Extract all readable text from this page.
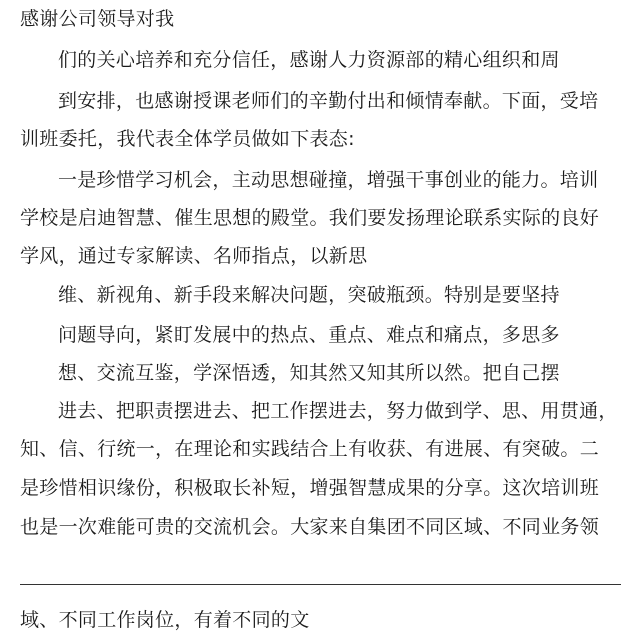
感谢公司领导对我
们的关心培养和充分信任，感谢人力资源部的精心组织和周
到安排，也感谢授课老师们的辛勤付出和倾情奉献。下面，受培
训班委托，我代表全体学员做如下表态:
一是珍惜学习机会，主动思想碰撞，增强干事创业的能力。培训
学校是启迪智慧、催生思想的殿堂。我们要发扬理论联系实际的良好
学风，通过专家解读、名师指点，以新思
维、新视角、新手段来解决问题，突破瓶颈。特别是要坚持
问题导向，紧盯发展中的热点、重点、难点和痛点，多思多
想、交流互鉴，学深悟透，知其然又知其所以然。把自己摆
进去、把职责摆进去、把工作摆进去，努力做到学、思、用贯通，
知、信、行统一，在理论和实践结合上有收获、有进展、有突破。二
是珍惜相识缘份，积极取长补短，增强智慧成果的分享。这次培训班
也是一次难能可贵的交流机会。大家来自集团不同区域、不同业务领
域、不同工作岗位，有着不同的文
